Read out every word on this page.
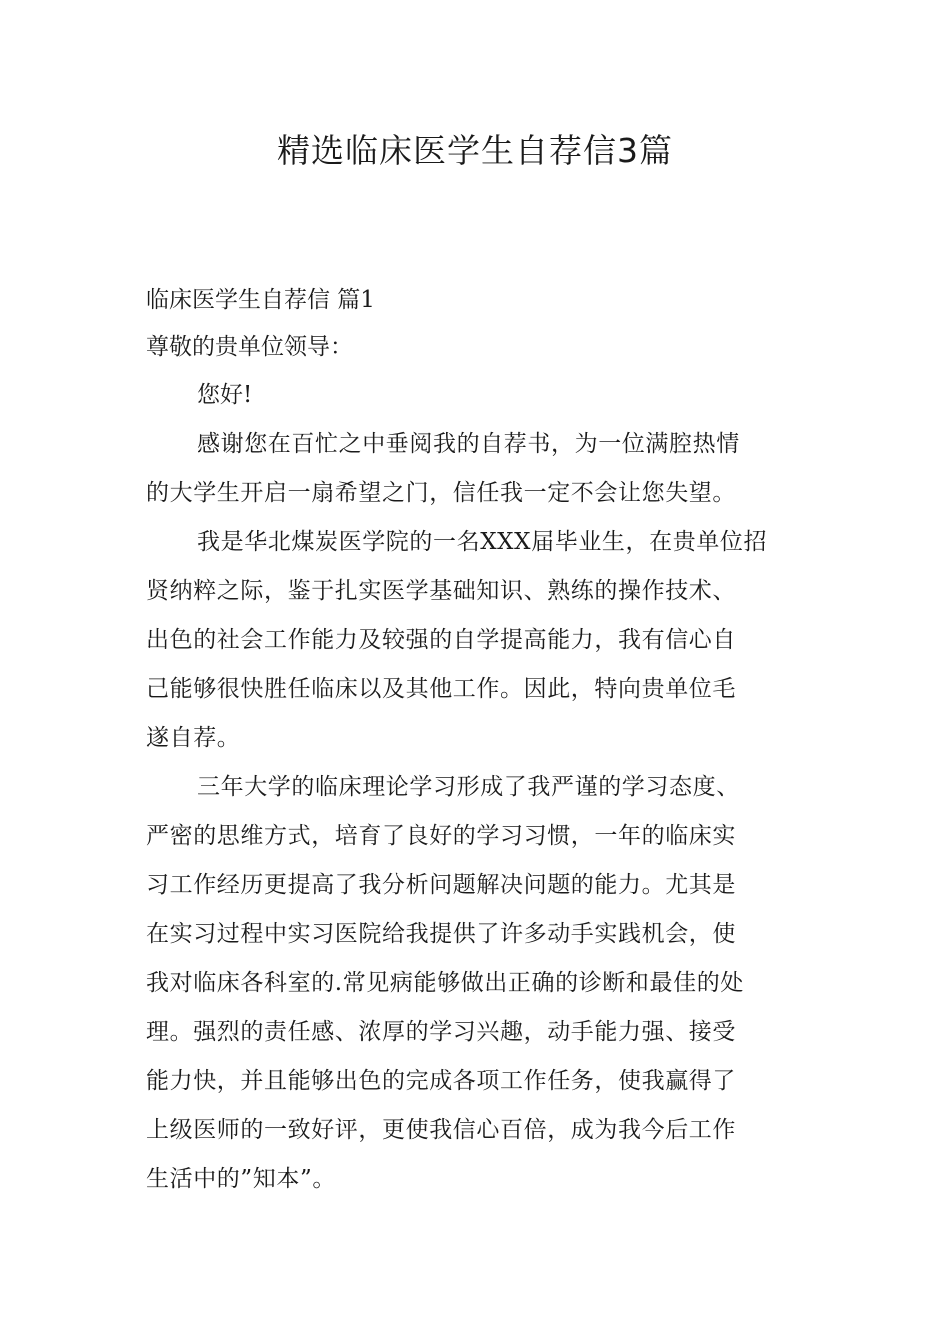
精选临床医学生自荐信3篇
临床医学生自荐信 篇1
尊敬的贵单位领导：
您好!
感谢您在百忙之中垂阅我的自荐书，为一位满腔热情
的大学生开启一扇希望之门，信任我一定不会让您失望。
我是华北煤炭医学院的一名XXX届毕业生，在贵单位招
贤纳粹之际，鉴于扎实医学基础知识、熟练的操作技术、
出色的社会工作能力及较强的自学提高能力，我有信心自
己能够很快胜任临床以及其他工作。因此，特向贵单位毛
遂自荐。
三年大学的临床理论学习形成了我严谨的学习态度、
严密的思维方式，培育了良好的学习习惯，一年的临床实
习工作经历更提高了我分析问题解决问题的能力。尤其是
在实习过程中实习医院给我提供了许多动手实践机会，使
我对临床各科室的.常见病能够做出正确的诊断和最佳的处
理。强烈的责任感、浓厚的学习兴趣，动手能力强、接受
能力快，并且能够出色的完成各项工作任务，使我赢得了
上级医师的一致好评，更使我信心百倍，成为我今后工作
生活中的”知本”。
